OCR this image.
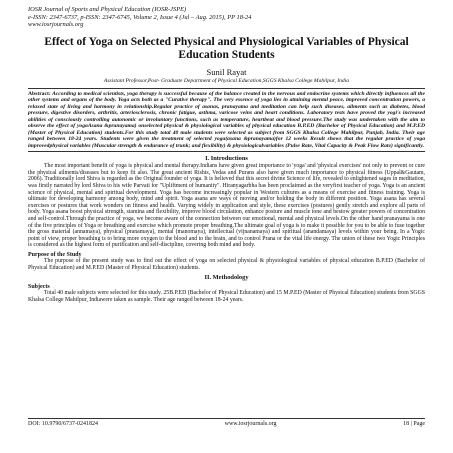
IOSR Journal of Sports and Physical Education (IOSR-JSPE)
e-ISSN: 2347-6737, p-ISSN: 2347-6745, Volume 2, Issue 4 (Jul – Aug. 2015), PP 18-24
www.iosrjournals.org
Effect of Yoga on Selected Physical and Physiological Variables of Physical Education Students
Sunil Rayat
Assistant Professor,Post- Graduate Department of Physical Education,SGGS Khalsa College Mahilpur, India
Abstract: According to medical scientists, yoga therapy is successful because of the balance created in the nervous and endocrine systems which directly influences all the other systems and organs of the body. Yoga acts both as a "Curative therapy". The very essence of yoga lies in attaining mental peace, improved concentration powers, a relaxed state of living and harmony in relationship.Regular practice of asanas, pranayama and meditation can help such diseases, ailments such as diabetes, blood pressure, digestive disorders, arthritis, arteriosclerosis, chronic fatigue, asthma, varicose veins and heart conditions. Laboratory tests have proved the yogi's increased abilities of consciously controlling autonomic or involuntary functions, such as temperature, heartbeat and blood pressure.The study was undertaken with the aim to observe the effect of yogaAsana &pranayama) onselected physical & physiological variables of physical education B.P.ED (Bachelor of Physical Education) and M.P.ED (Master of Physical Education) students.For this study total 40 male students were selected as subject from SGGS Khalsa College Mahilpur, Punjab, India. Their age ranged between 18-24 years. Students were given the treatment of selected yoga(asana &pranayama)for 12 weeks Result shows that the regular practice of yoga improvedphysical variables (Muscular strength & endurance of trunk; and flexibility) & physiologicalvariables (Pulse Rate, Vital Capacity & Peak Flow Rate) significantly.
I. Introductions

The most important benefit of yoga is physical and mental therapy.Indians have given great importance to 'yoga' and 'physical exercises' not only to prevent or cure the physical ailments/diseases but to keep fit also. The great ancient Rishis, Vedas and Purans also have given much importance to physical fitness (Uppal&Gautam, 2006). Traditionally lord Shiva is regarded as the Original founder of yoga. It is believed that this secret divine Science of life, revealed to enlightened sages in meditation, was firstly narrated by lord Shiva to his wife Parvati for "Upliftment of humanity". Hiranyagarbha has been proclaimed as the veryfirst teacher of yoga. Yoga is an ancient science of physical, mental and spiritual development. Yoga has become increasingly popular in Western cultures as a means of exercise and fitness training. Yoga is ultimate for developing harmony among body, mind and spirit. Yoga asana are ways of moving and/or holding the body in different position. Yoga asana has several exercises or postures that work wonders on fitness and health. Varying widely in application and style, these exercises (postures) gently stretch and explore all parts of body. Yoga asana boost physical strength, stamina and flexibility, improve blood circulation, enhance posture and muscle tone and bestow greater powers of concentration and self-control.Through the practice of yoga, we become aware of the connection between our emotional, mental and physical levels.On the other hand pranayama is one of the five principles of Yoga or breathing and exercise which promote proper breathing.The ultimate goal of yoga is to make it possible for you to be able to fuse together the gross material (annamaya), physical (pranamaya), mental (manomaya), intellectual (vijnanamaya) and spiritual (anandamaya) levels within your being. In a Yogic point of view, proper breathing is to bring more oxygen to the blood and to the brain, and to control Prana or the vital life energy. The union of these two Yogic Principles is considered as the highest form of purification and self-discipline, covering both mind and body.

Purpose of the Study

The purpose of the present study was to find out the effect of yoga on selected physical & physiological variables of physical education B.P.ED (Bachelor of Physical Education) and M.P.ED (Master of Physical Education) students.

II. Methodology
Subjects

Total 40 male subjects were selected for this study. 25B.P.ED (Bachelor of Physical Education) and 15 M.P.ED (Master of Physical Education) students from SGGS Khalsa College Mahilpur, Indiawere taken as sample. Their age ranged between 18-24 years.

DOI: 10.9790/6737-0241824	www.iosrjournals.org	18 | Page
